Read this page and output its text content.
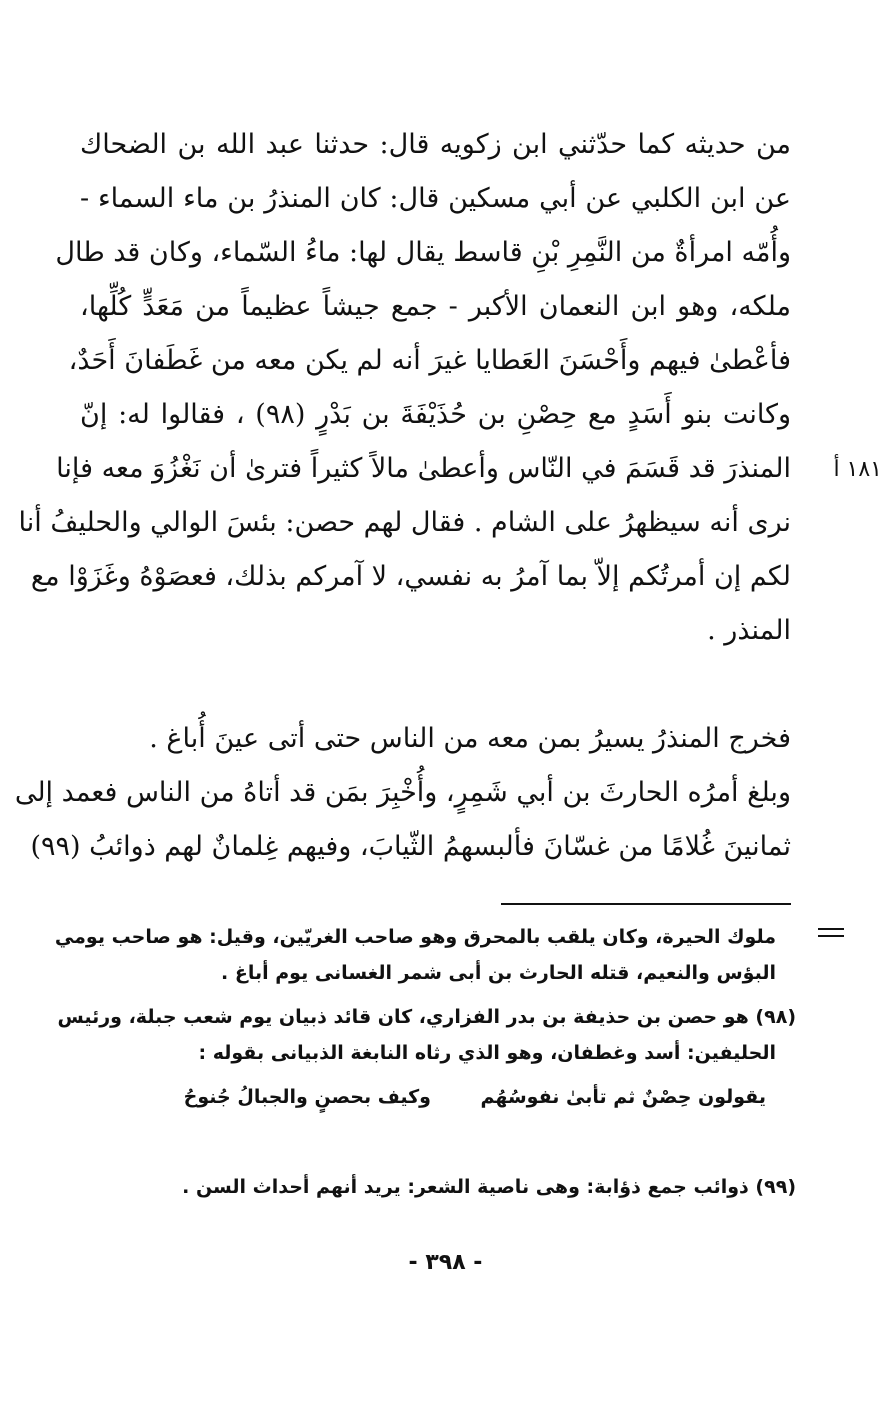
من حديثه كما حدّثني ابن زكويه قال: حدثنا عبد الله بن الضحاك
عن ابن الكلبي عن أبي مسكين قال: كان المنذرُ بن ماء السماء -
وأُمّه امرأةٌ من النَّمِرِ بْنِ قاسط يقال لها: ماءُ السّماء، وكان قد طال
ملكه، وهو ابن النعمان الأكبر - جمع جيشاً عظيماً من مَعَدٍّ كُلِّها،
فأعْطىٰ فيهم وأَحْسَنَ العَطايا غيرَ أنه لم يكن معه من غَطَفانَ أَحَدٌ،
وكانت بنو أَسَدٍ مع حِصْنِ بن حُذَيْفَةَ بن بَدْرٍ (٩٨) ، فقالوا له: إنّ
المنذرَ قد قَسَمَ في النّاس وأعطىٰ مالاً كثيراً فترىٰ أن نَغْزُوَ معه فإنا
نرى أنه سيظهرُ على الشام . فقال لهم حصن: بئسَ الوالي والحليفُ أنا
لكم إن أمرتُكم إلاّ بما آمرُ به نفسي، لا آمركم بذلك، فعصَوْهُ وغَزَوْا مع
المنذر .
١٨١ أ
فخرج المنذرُ يسيرُ بمن معه من الناس حتى أتى عينَ أُباغ .
وبلغ أمرُه الحارثَ بن أبي شَمِرٍ، وأُخْبِرَ بمَن قد أتاهُ من الناس فعمد إلى
ثمانينَ غُلامًا من غسّانَ فألبسهمُ الثّيابَ، وفيهم غِلمانٌ لهم ذوائبُ (٩٩)
ملوك الحيرة، وكان يلقب بالمحرق وهو صاحب الغريّين، وقيل: هو صاحب يومي
البؤس والنعيم، قتله الحارث بن أبى شمر الغسانى يوم أباغ .
(٩٨) هو حصن بن حذيفة بن بدر الفزاري، كان قائد ذبيان يوم شعب جبلة، ورئيس
الحليفين: أسد وغطفان، وهو الذي رثاه النابغة الذبيانى بقوله :
يقولون حِصْنٌ ثم تأبىٰ نفوسُهُم
وكيف بحصنٍ والجبالُ جُنوحُ
(٩٩) ذوائب جمع ذؤابة: وهى ناصية الشعر: يريد أنهم أحداث السن .
- ٣٩٨ -
